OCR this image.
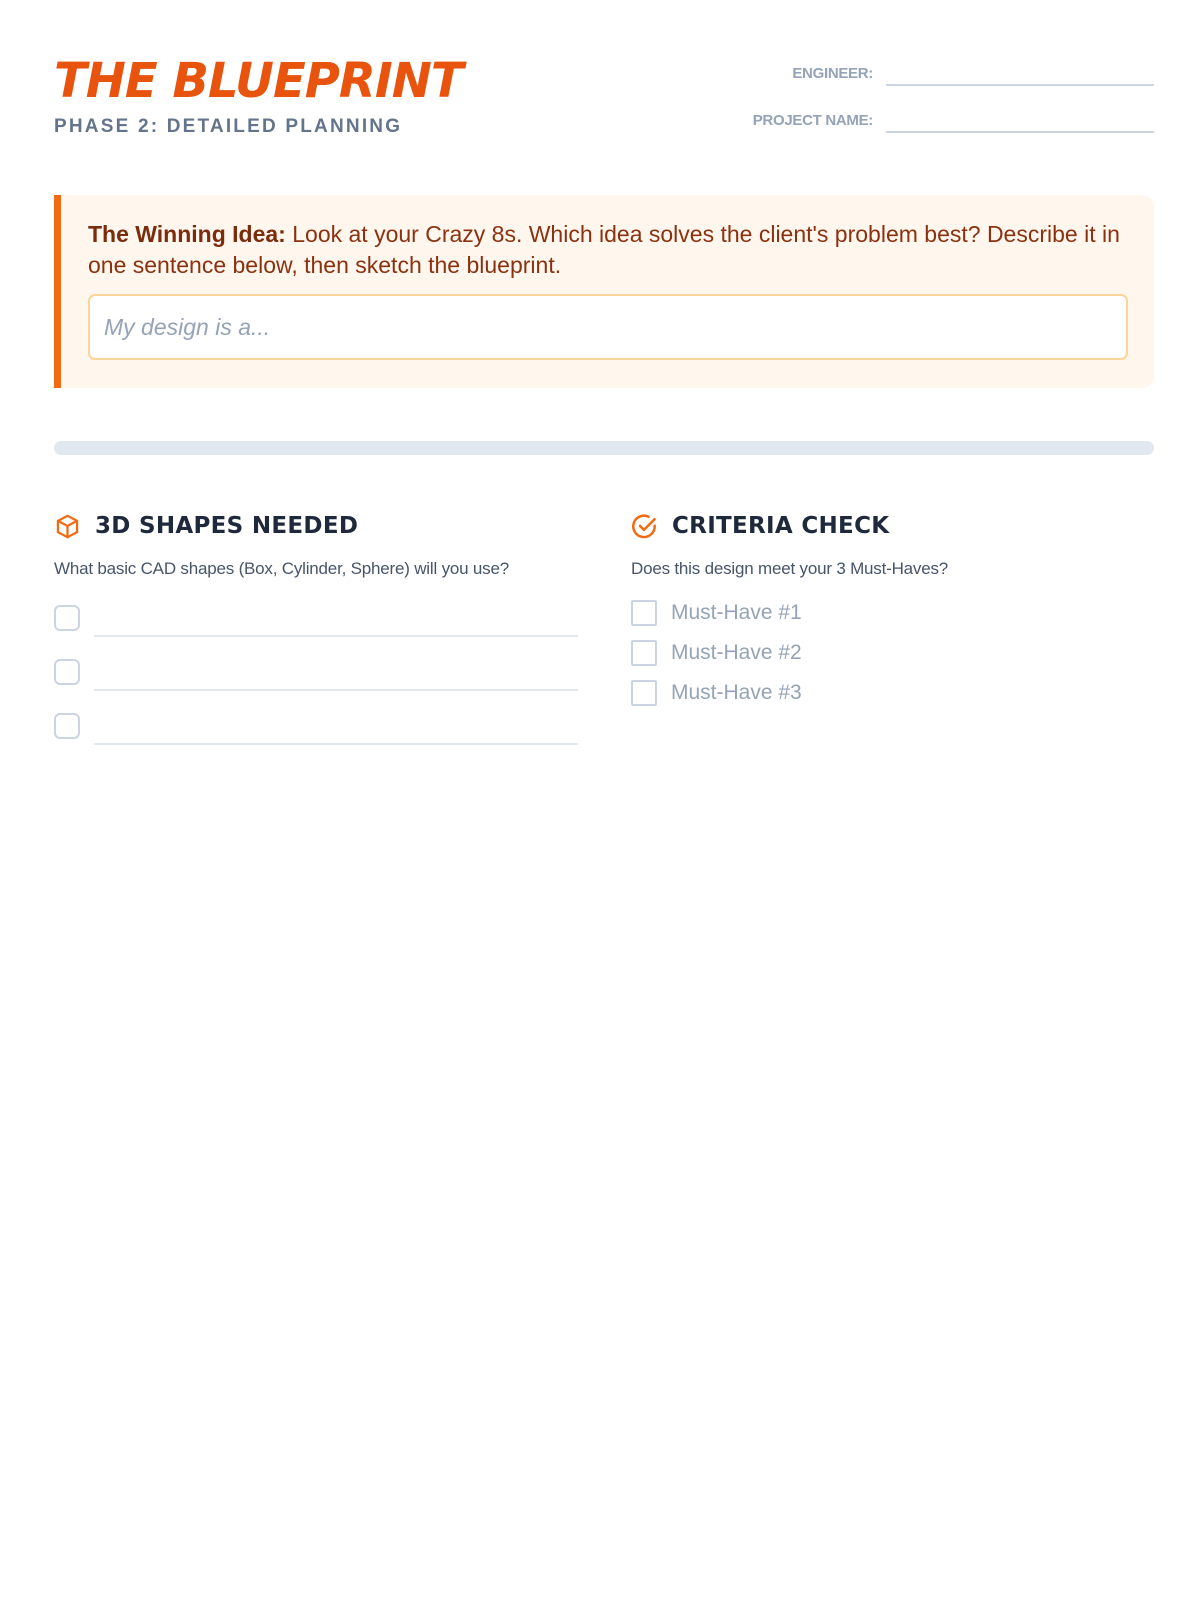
THE BLUEPRINT
PHASE 2: DETAILED PLANNING
ENGINEER:
PROJECT NAME:
The Winning Idea: Look at your Crazy 8s. Which idea solves the client's problem best? Describe it in one sentence below, then sketch the blueprint.
My design is a...
3D SHAPES NEEDED
What basic CAD shapes (Box, Cylinder, Sphere) will you use?
CRITERIA CHECK
Does this design meet your 3 Must-Haves?
Must-Have #1
Must-Have #2
Must-Have #3
